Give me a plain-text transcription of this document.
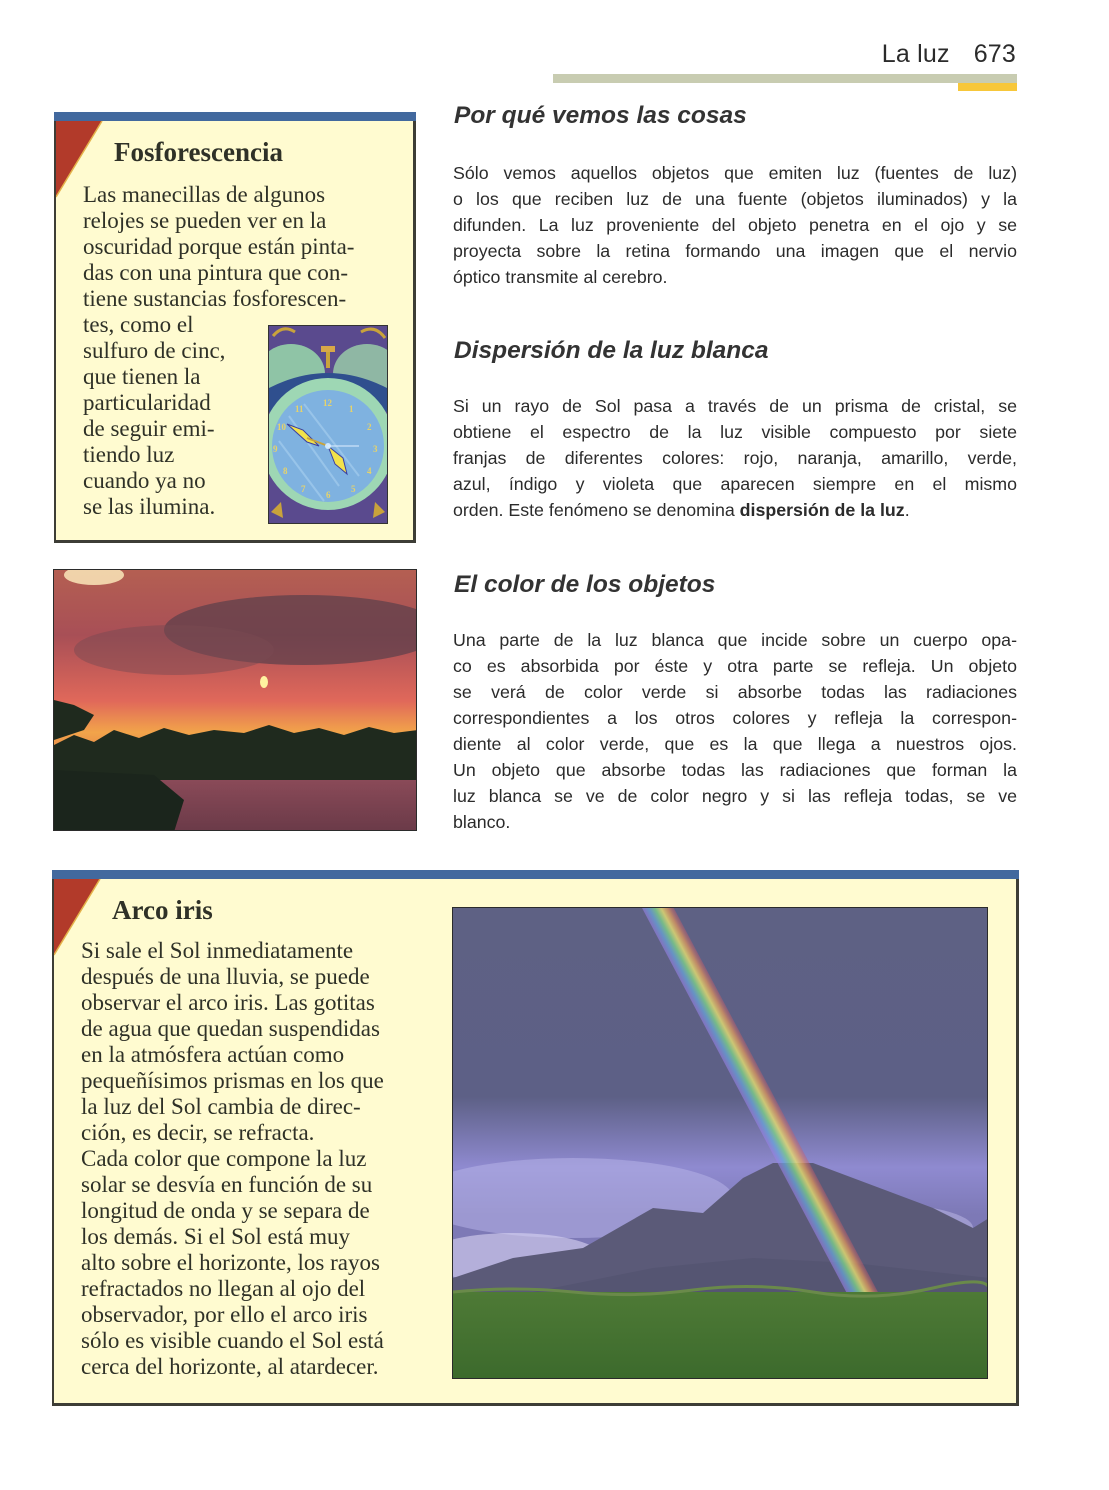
La luz 673
Fosforescencia
Las manecillas de algunos
relojes se pueden ver en la
oscuridad porque están pinta-
das con una pintura que con-
tiene sustancias fosforescen-
tes, como el
sulfuro de cinc,
que tienen la
particularidad
de seguir emi-
tiendo luz
cuando ya no
se las ilumina.
12
1
2
3
4
5
6
7
8
9
10
11
Por qué vemos las cosas
Sólo vemos aquellos objetos que emiten luz (fuentes de luz)
o los que reciben luz de una fuente (objetos iluminados) y la
difunden. La luz proveniente del objeto penetra en el ojo y se
proyecta sobre la retina formando una imagen que el nervio
óptico transmite al cerebro.
Dispersión de la luz blanca
Si un rayo de Sol pasa a través de un prisma de cristal, se
obtiene el espectro de la luz visible compuesto por siete
franjas de diferentes colores: rojo, naranja, amarillo, verde,
azul, índigo y violeta que aparecen siempre en el mismo
orden. Este fenómeno se denomina dispersión de la luz.
El color de los objetos
Una parte de la luz blanca que incide sobre un cuerpo opa-
co es absorbida por éste y otra parte se refleja. Un objeto
se verá de color verde si absorbe todas las radiaciones
correspondientes a los otros colores y refleja la correspon-
diente al color verde, que es la que llega a nuestros ojos.
Un objeto que absorbe todas las radiaciones que forman la
luz blanca se ve de color negro y si las refleja todas, se ve
blanco.
Arco iris
Si sale el Sol inmediatamente
después de una lluvia, se puede
observar el arco iris. Las gotitas
de agua que quedan suspendidas
en la atmósfera actúan como
pequeñísimos prismas en los que
la luz del Sol cambia de direc-
ción, es decir, se refracta.
Cada color que compone la luz
solar se desvía en función de su
longitud de onda y se separa de
los demás. Si el Sol está muy
alto sobre el horizonte, los rayos
refractados no llegan al ojo del
observador, por ello el arco iris
sólo es visible cuando el Sol está
cerca del horizonte, al atardecer.
